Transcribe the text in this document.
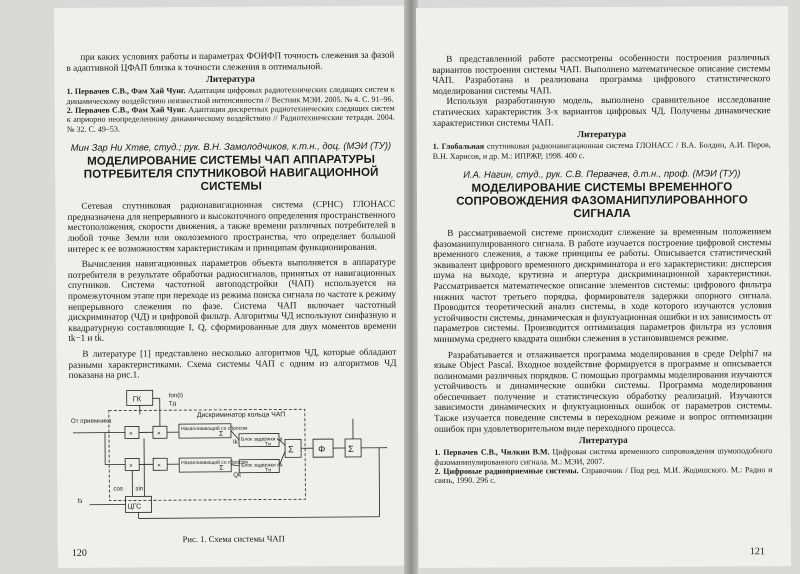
при каких условиях работы и параметрах ФОИФП точность слежения за фазой в адаптивной ЦФАП близка к точности слежения в оптимальной.

Литература

1. Первачев С.В., Фам Хай Чунг. Адаптация цифровых радиотехнических следящих систем к динамическому воздействию неизвестной интенсивности // Вестник МЭИ. 2005. № 4. С. 91–96.

2. Первачев С.В., Фам Хай Чунг. Адаптация дискретных радиотехнических следящих систем к априорно неопределенному динамическому воздействию // Радиотехнические тетради. 2004. № 32. С. 49–53.

Мин Зар Ни Хтве, студ.; рук. В.Н. Замолодчиков, к.т.н., доц. (МЭИ (ТУ))
МОДЕЛИРОВАНИЕ СИСТЕМЫ ЧАП АППАРАТУРЫ ПОТРЕБИТЕЛЯ СПУТНИКОВОЙ НАВИГАЦИОННОЙ СИСТЕМЫ

Сетевая спутниковая радионавигационная система (СРНС) ГЛОНАСС предназначена для непрерывного и высокоточного определения пространственного местоположения, скорости движения, а также времени различных потребителей в любой точке Земли или околоземного пространства, что определяет большой интерес к ее возможностям характеристикам и принципам функционирования.

Вычисления навигационных параметров объекта выполняется в аппаратуре потребителя в результате обработки радиосигналов, принятых от навигационных спутников. Система частотной автоподстройки (ЧАП) используется на промежуточном этапе при переходе из режима поиска сигнала по частоте к режиму непрерывного слежения по фазе. Система ЧАП включает частотный дискриминатор (ЧД) и цифровой фильтр. Алгоритмы ЧД используют синфазную и квадратурную составляющие I, Q, сформированные для двух моментов времени tk−1 и tk.

В литературе [1] представлено несколько алгоритмов ЧД, которые обладают разными характеристиками. Схема системы ЧАП с одним из алгоритмов ЧД показана на рис.1.

От приемника
ГК
Дискриминатор кольца ЧАП
Накапливающий со сбросом
Накапливающий со сбросом
Блок задержки на
Блок задержки на
Σ	Φ	Σ
ЦГС
fоп(t)
Tд
cos sin
fэ
Ik
Qk
×
×
×
×
Σ
Σ
Tи
Tи
Рис. 1. Схема системы ЧАП
120

В представленной работе рассмотрены особенности построения различных вариантов построения системы ЧАП. Выполнено математическое описание системы ЧАП. Разработана и реализована программа цифрового статистического моделирования системы ЧАП.

Используя разработанную модель, выполнено сравнительное исследование статических характеристик 3-х вариантов цифровых ЧД. Получены динамические характеристики системы ЧАП.

Литература

1. Глобальная спутниковая радионавигационная система ГЛОНАСС / В.А. Болдин, А.И. Перов, В.Н. Харисов, и др. М.: ИПРЖР, 1998. 400 с.

И.А. Нагин, студ., рук. С.В. Первачев, д.т.н., проф. (МЭИ (ТУ))
МОДЕЛИРОВАНИЕ СИСТЕМЫ ВРЕМЕННОГО СОПРОВОЖДЕНИЯ ФАЗОМАНИПУЛИРОВАННОГО СИГНАЛА

В рассматриваемой системе происходит слежение за временным положением фазоманипулированного сигнала. В работе изучается построение цифровой системы временного слежения, а также принципы ее работы. Описывается статистический эквивалент цифрового временного дискриминатора и его характеристики: дисперсия шума на выходе, крутизна и апертура дискриминационной характеристики. Рассматривается математическое описание элементов системы: цифрового фильтра нижних частот третьего порядка, формирователя задержки опорного сигнала. Проводится теоретический анализ системы, в ходе которого изучаются условия устойчивости системы, динамическая и флуктуационная ошибки и их зависимость от параметров системы. Производится оптимизация параметров фильтра из условия минимума среднего квадрата ошибки слежения в установившемся режиме.

Разрабатывается и отлаживается программа моделирования в среде Delphi7 на языке Object Pascal. Входное воздействие формируется в программе и описывается полиномами различных порядков. С помощью программы моделирования изучаются устойчивость и динамические ошибки системы. Программа моделирования обеспечивает получение и статистическую обработку реализаций. Изучаются зависимости динамических и флуктуационных ошибок от параметров системы. Также изучается поведение системы в переходном режиме и вопрос оптимизации ошибок при удовлетворительном виде переходного процесса.

Литература

1. Первачев С.В., Чилкин В.М. Цифровая система временного сопровождения шумоподобного фазоманипулированного сигнала. М.: МЭИ, 2007.

2. Цифровые радиоприемные системы. Справочник / Под ред. М.И. Жодишского. М.: Радио и связь, 1990. 296 с.

121
